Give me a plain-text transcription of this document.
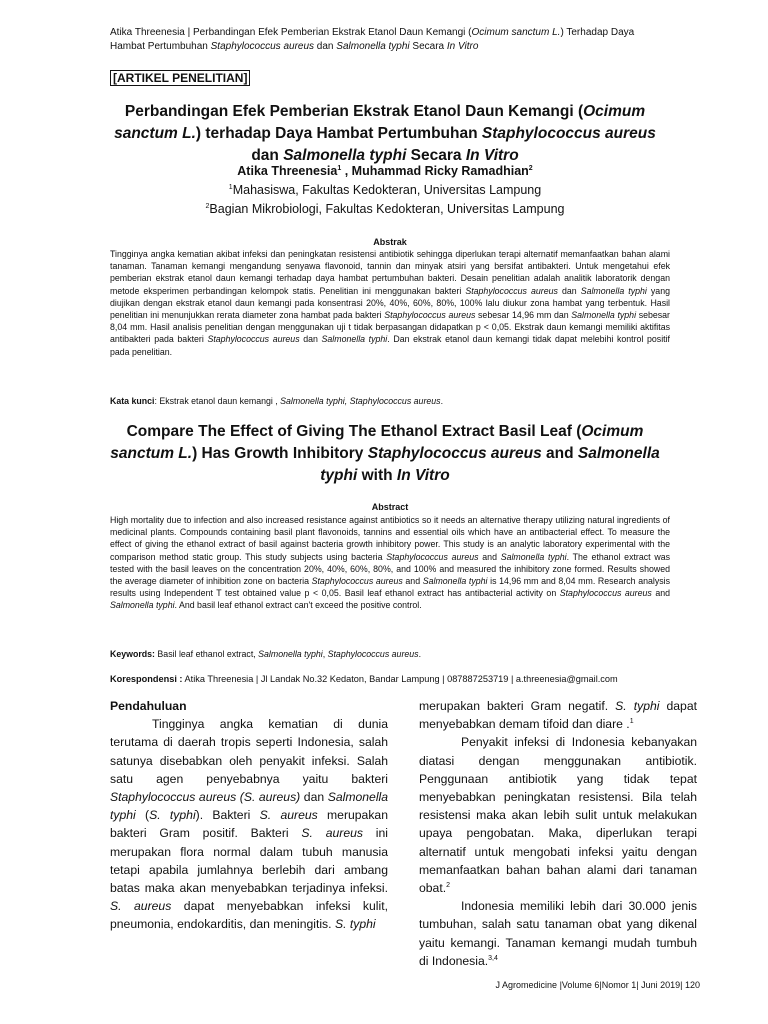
Atika Threenesia | Perbandingan Efek Pemberian Ekstrak Etanol Daun Kemangi (Ocimum sanctum L.) Terhadap Daya Hambat Pertumbuhan Staphylococcus aureus dan Salmonella typhi Secara In Vitro
[ARTIKEL PENELITIAN]
Perbandingan Efek Pemberian Ekstrak Etanol Daun Kemangi (Ocimum sanctum L.) terhadap Daya Hambat Pertumbuhan Staphylococcus aureus dan Salmonella typhi Secara In Vitro
Atika Threenesia$^1$ , Muhammad Ricky Ramadhian$^2$
$^1$Mahasiswa, Fakultas Kedokteran, Universitas Lampung
$^2$Bagian Mikrobiologi, Fakultas Kedokteran, Universitas Lampung
Abstrak
Tingginya angka kematian akibat infeksi dan peningkatan resistensi antibiotik sehingga diperlukan terapi alternatif memanfaatkan bahan alami tanaman. Tanaman kemangi mengandung senyawa flavonoid, tannin dan minyak atsiri yang bersifat antibakteri. Untuk mengetahui efek pemberian ekstrak etanol daun kemangi terhadap daya hambat pertumbuhan bakteri. Desain penelitian adalah analitik laboratorik dengan metode eksperimen perbandingan kelompok statis. Penelitian ini menggunakan bakteri Staphylococcus aureus dan Salmonella typhi yang diujikan dengan ekstrak etanol daun kemangi pada konsentrasi 20%, 40%, 60%, 80%, 100% lalu diukur zona hambat yang terbentuk. Hasil penelitian ini menunjukkan rerata diameter zona hambat pada bakteri Staphylococcus aureus sebesar 14,96 mm dan Salmonella typhi sebesar 8,04 mm. Hasil analisis penelitian dengan menggunakan uji t tidak berpasangan didapatkan p < 0,05. Ekstrak daun kemangi memiliki aktifitas antibakteri pada bakteri Staphylococcus aureus dan Salmonella typhi. Dan ekstrak etanol daun kemangi tidak dapat melebihi kontrol positif pada penelitian.
Kata kunci: Ekstrak etanol daun kemangi , Salmonella typhi, Staphylococcus aureus.
Compare The Effect of Giving The Ethanol Extract Basil Leaf (Ocimum sanctum L.) Has Growth Inhibitory Staphylococcus aureus and Salmonella typhi with In Vitro
Abstract
High mortality due to infection and also increased resistance against antibiotics so it needs an alternative therapy utilizing natural ingredients of medicinal plants. Compounds containing basil plant flavonoids, tannins and essential oils which have an antibacterial effect. To measure the effect of giving the ethanol extract of basil against bacteria growth inhibitory power. This study is an analytic laboratory experimental with the comparison method static group. This study subjects using bacteria Staphylococcus aureus and Salmonella typhi. The ethanol extract was tested with the basil leaves on the concentration 20%, 40%, 60%, 80%, and 100% and measured the inhibitory zone formed. Results showed the average diameter of inhibition zone on bacteria Staphylococcus aureus and Salmonella typhi is 14,96 mm and 8,04 mm. Research analysis results using Independent T test obtained value p < 0,05. Basil leaf ethanol extract has antibacterial activity on Staphylococcus aureus and Salmonella typhi. And basil leaf ethanol extract can't exceed the positive control.
Keywords: Basil leaf ethanol extract, Salmonella typhi, Staphylococcus aureus.
Korespondensi : Atika Threenesia | Jl Landak No.32 Kedaton, Bandar Lampung | 087887253719 | a.threenesia@gmail.com

Pendahuluan

Tingginya angka kematian di dunia terutama di daerah tropis seperti Indonesia, salah satunya disebabkan oleh penyakit infeksi. Salah satu agen penyebabnya yaitu bakteri Staphylococcus aureus (S. aureus) dan Salmonella typhi (S. typhi). Bakteri S. aureus merupakan bakteri Gram positif. Bakteri S. aureus ini merupakan flora normal dalam tubuh manusia tetapi apabila jumlahnya berlebih dari ambang batas maka akan menyebabkan terjadinya infeksi. S. aureus dapat menyebabkan infeksi kulit, pneumonia, endokarditis, dan meningitis. S. typhi

merupakan bakteri Gram negatif. S. typhi dapat menyebabkan demam tifoid dan diare .$^1$

Penyakit infeksi di Indonesia kebanyakan diatasi dengan menggunakan antibiotik. Penggunaan antibiotik yang tidak tepat menyebabkan peningkatan resistensi. Bila telah resistensi maka akan lebih sulit untuk melakukan upaya pengobatan. Maka, diperlukan terapi alternatif untuk mengobati infeksi yaitu dengan memanfaatkan bahan bahan alami dari tanaman obat.$^2$

Indonesia memiliki lebih dari 30.000 jenis tumbuhan, salah satu tanaman obat yang dikenal yaitu kemangi. Tanaman kemangi mudah tumbuh di Indonesia.$^{3,4}$

J Agromedicine |Volume 6|Nomor 1| Juni 2019| 120
